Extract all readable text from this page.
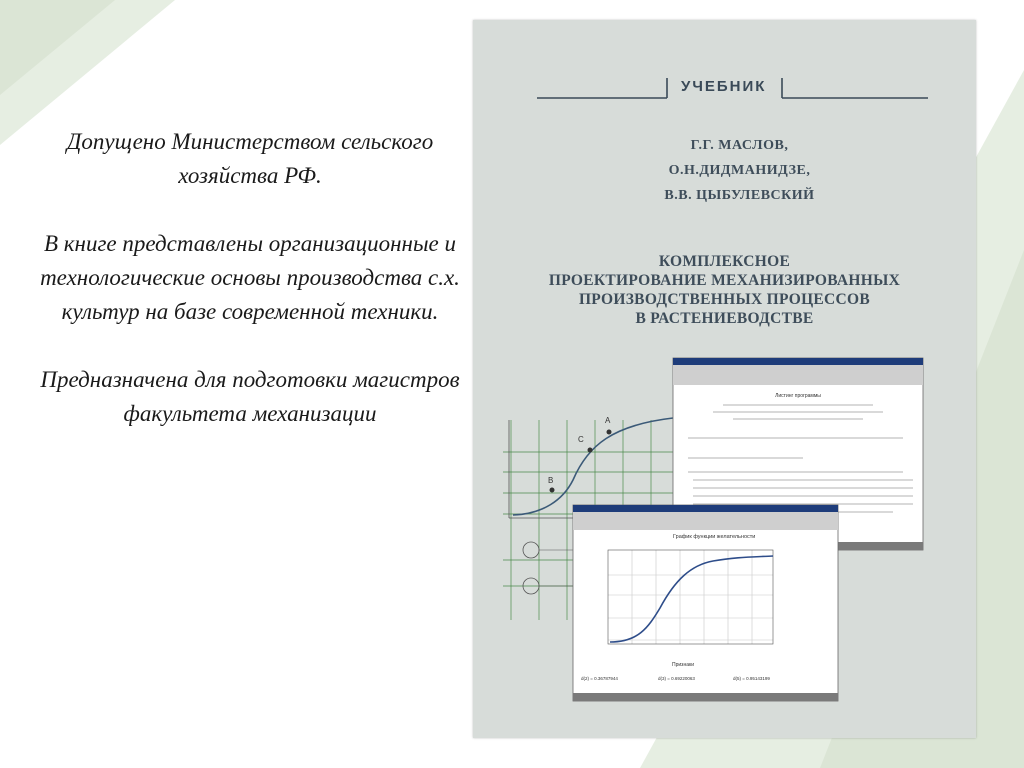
Допущено Министерством сельского хозяйства РФ.

В книге представлены организационные и технологические основы производства с.х. культур на базе современной техники.

Предназначена для подготовки магистров факультета механизации

УЧЕБНИК
Г.Г. МАСЛОВ,
О.Н.ДИДМАНИДЗЕ,
В.В. ЦЫБУЛЕВСКИЙ
КОМПЛЕКСНОЕ
ПРОЕКТИРОВАНИЕ МЕХАНИЗИРОВАННЫХ
ПРОИЗВОДСТВЕННЫХ ПРОЦЕССОВ
В РАСТЕНИЕВОДСТВЕ
A
B
C
Листинг программы
График функции желательности
Признаки
d(2) = 0.36787944	d(3) = 0.69220063	d(5) = 0.95143199
